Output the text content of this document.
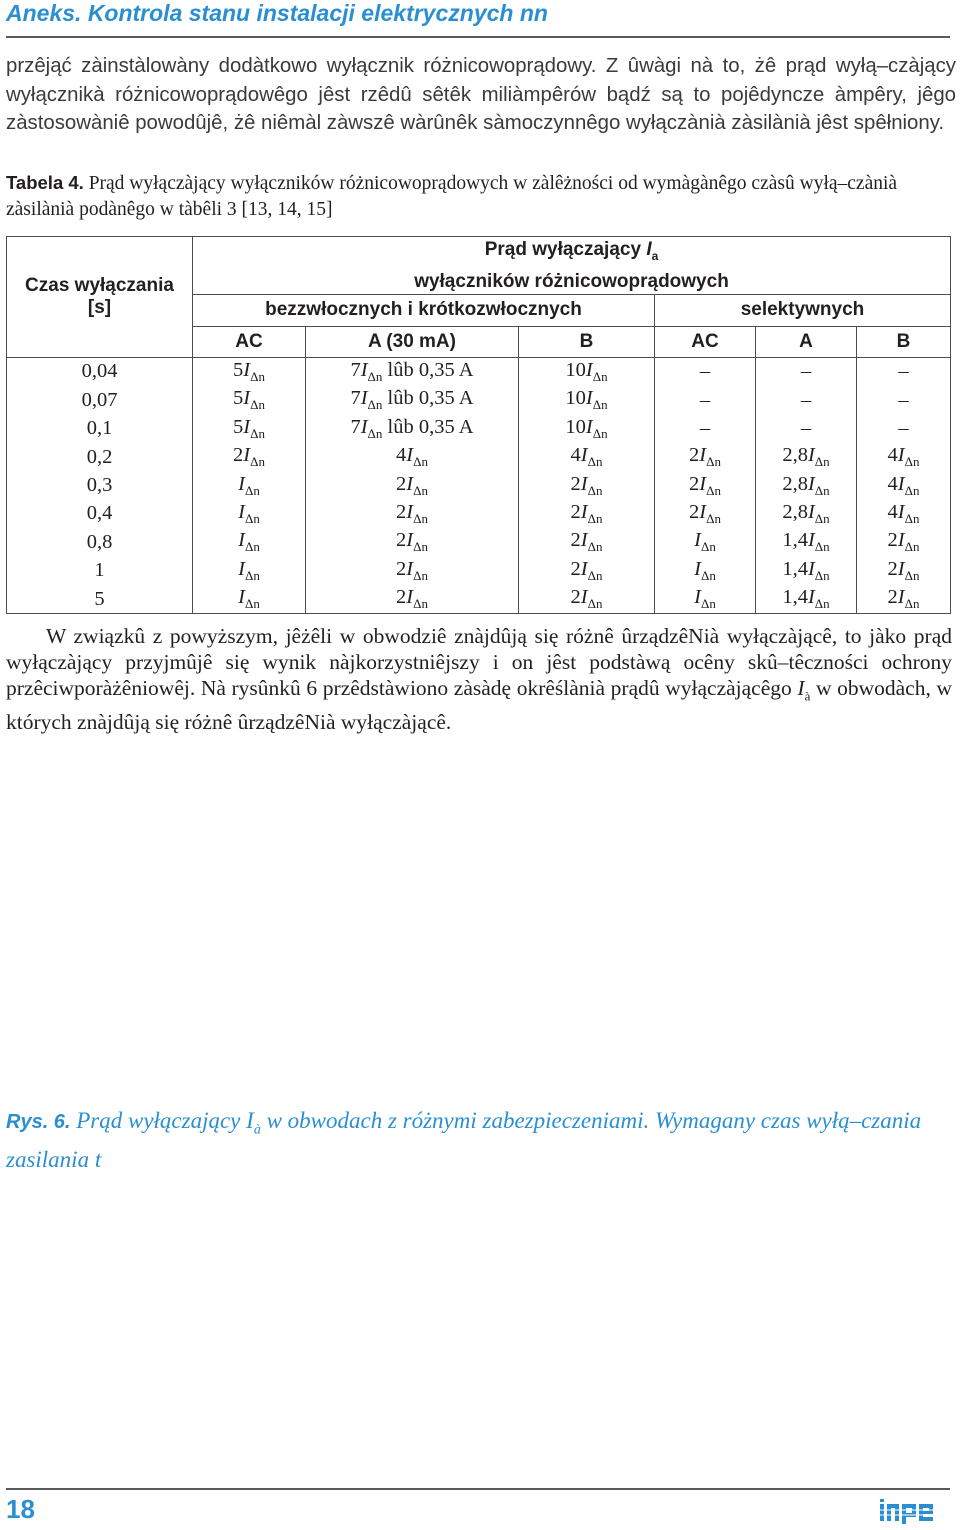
Aneks. Kontrola stanu instalacji elektrycznych nn
przêjąć zàinstàlowàny dodàtkowo wyłącznik różnicowoprądowy. Z ûwàgi nà to, żê prąd wyłą–czàjący wyłącznikà różnicowoprądowêgo jêst rzêdû sêtêk miliàmpêrów bądź są to pojêdyncze àmpêry, jêgo zàstosowàniê powodûjê, żê niêmàl zàwszê wàrûnêk sàmoczynnêgo wyłączànià zàsilànià jêst spêłniony.
Tabela 4. Prąd wyłączàjący wyłączników różnicowoprądowych w zàlêżności od wymàgànêgo czàsû wyłą–czànià zàsilànià podànêgo w tàbêli 3 [13, 14, 15]
Czas wyłączania
[s]	Prąd wyłączający $I_a$
wyłączników różnicowoprądowych					
	bezzwłocznych i krótkozwłocznych			selektywnych		
	AC	A (30 mA)	B	AC	A	B
0,04	$5I_{\Delta n}$	$7I_{\Delta n}$ lûb 0,35 A	$10I_{\Delta n}$	–	–	–
0,07	$5I_{\Delta n}$	$7I_{\Delta n}$ lûb 0,35 A	$10I_{\Delta n}$	–	–	–
0,1	$5I_{\Delta n}$	$7I_{\Delta n}$ lûb 0,35 A	$10I_{\Delta n}$	–	–	–
0,2	$2I_{\Delta n}$	$4I_{\Delta n}$	$4I_{\Delta n}$	$2I_{\Delta n}$	$2,8I_{\Delta n}$	$4I_{\Delta n}$
0,3	$I_{\Delta n}$	$2I_{\Delta n}$	$2I_{\Delta n}$	$2I_{\Delta n}$	$2,8I_{\Delta n}$	$4I_{\Delta n}$
0,4	$I_{\Delta n}$	$2I_{\Delta n}$	$2I_{\Delta n}$	$2I_{\Delta n}$	$2,8I_{\Delta n}$	$4I_{\Delta n}$
0,8	$I_{\Delta n}$	$2I_{\Delta n}$	$2I_{\Delta n}$	$I_{\Delta n}$	$1,4I_{\Delta n}$	$2I_{\Delta n}$
1	$I_{\Delta n}$	$2I_{\Delta n}$	$2I_{\Delta n}$	$I_{\Delta n}$	$1,4I_{\Delta n}$	$2I_{\Delta n}$
5	$I_{\Delta n}$	$2I_{\Delta n}$	$2I_{\Delta n}$	$I_{\Delta n}$	$1,4I_{\Delta n}$	$2I_{\Delta n}$
W związkû z powyższym, jêżêli w obwodziê znàjdûją się różnê ûrządzêNià wyłączàjącê, to jàko prąd wyłączàjący przyjmûjê się wynik nàjkorzystniêjszy i on jêst podstàwą ocêny skû–têczności ochrony przêciwporàżêniowêj. Nà rysûnkû 6 przêdstàwiono zàsàdę okrêślànià prądû wyłączàjącêgo $I_à$ w obwodàch, w których znàjdûją się różnê ûrządzêNià wyłączàjącê.
Rys. 6. Prąd wyłączający $I_à$ w obwodach z różnymi zabezpieczeniami. Wymagany czas wyłą–czania zasilania t
18	inpe
